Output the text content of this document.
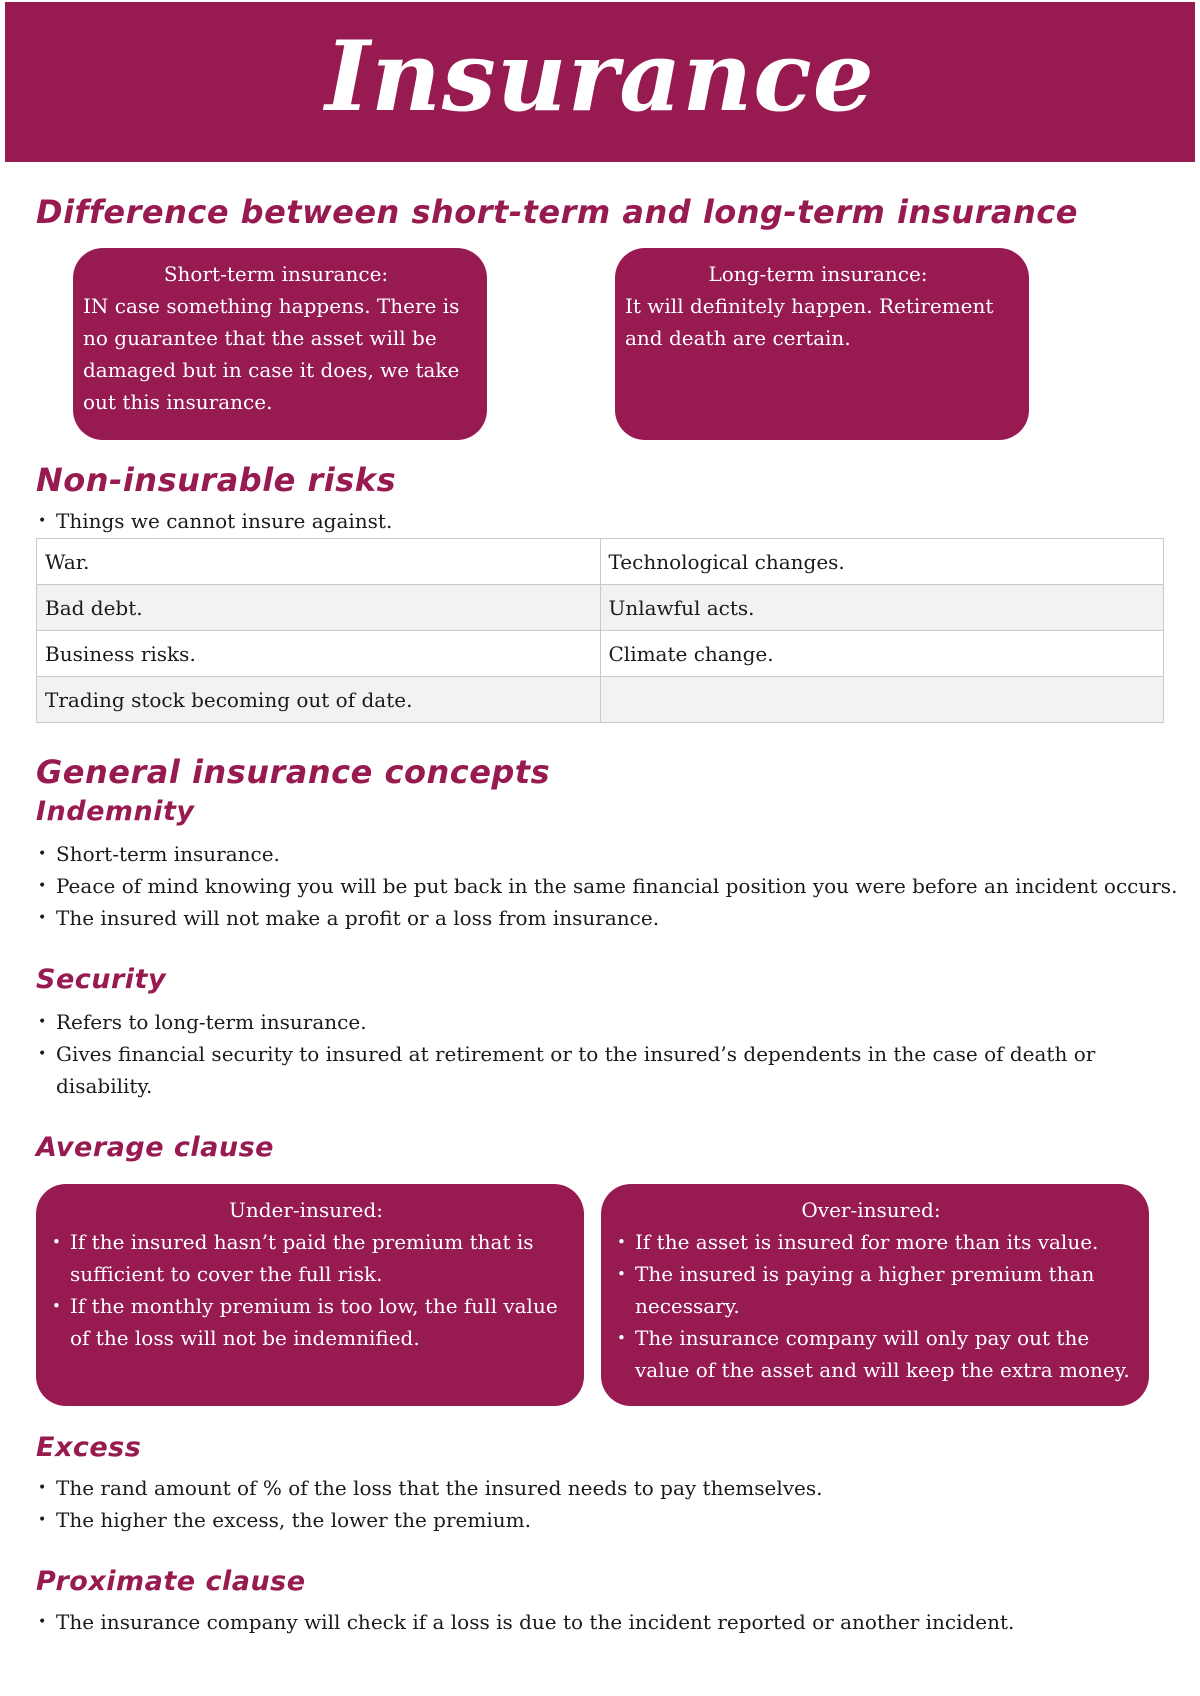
Insurance
Difference between short-term and long-term insurance
Short-term insurance:
IN case something happens. There is no guarantee that the asset will be damaged but in case it does, we take out this insurance.
Long-term insurance:
It will definitely happen. Retirement and death are certain.
Non-insurable risks
• Things we cannot insure against.
War.	Technological changes.
Bad debt.	Unlawful acts.
Business risks.	Climate change.
Trading stock becoming out of date.	
General insurance concepts
Indemnity
• Short-term insurance.
• Peace of mind knowing you will be put back in the same financial position you were before an incident occurs.
• The insured will not make a profit or a loss from insurance.
Security
• Refers to long-term insurance.
• Gives financial security to insured at retirement or to the insured’s dependents in the case of death or disability.
Average clause
Under-insured:
• If the insured hasn’t paid the premium that is sufficient to cover the full risk.
• If the monthly premium is too low, the full value of the loss will not be indemnified.
Over-insured:
• If the asset is insured for more than its value.
• The insured is paying a higher premium than necessary.
• The insurance company will only pay out the value of the asset and will keep the extra money.
Excess
• The rand amount of % of the loss that the insured needs to pay themselves.
• The higher the excess, the lower the premium.
Proximate clause
• The insurance company will check if a loss is due to the incident reported or another incident.
